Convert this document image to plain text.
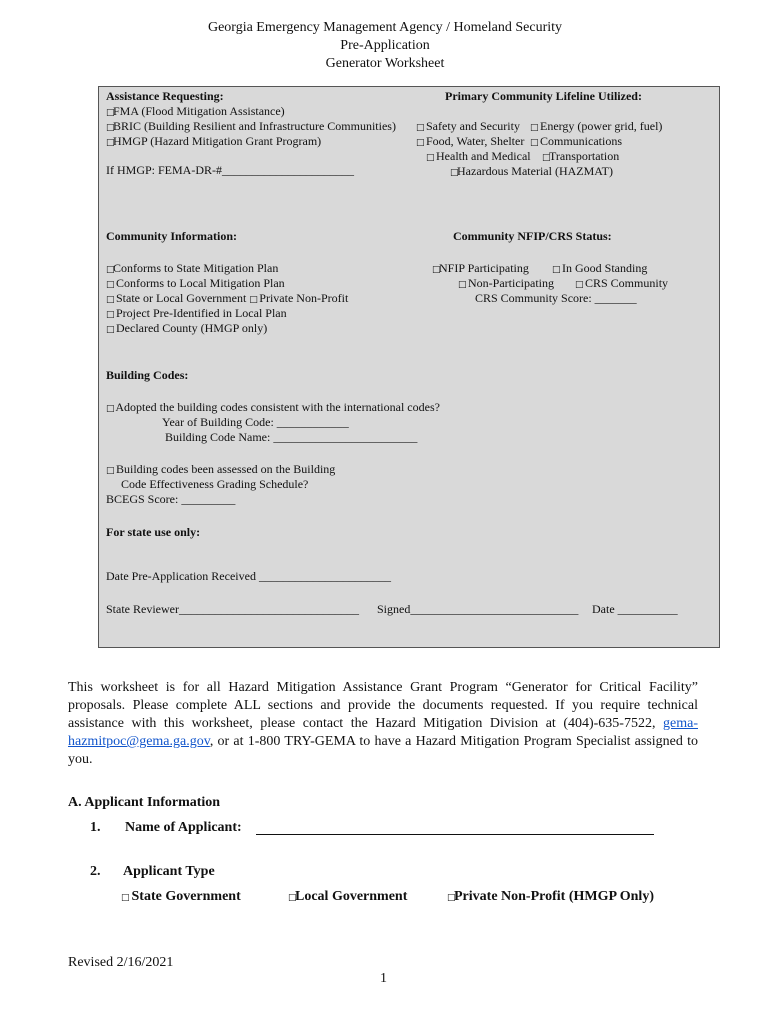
Georgia Emergency Management Agency / Homeland Security
Pre-Application
Generator Worksheet
Assistance Requesting:
□FMA (Flood Mitigation Assistance)
□BRIC (Building Resilient and Infrastructure Communities)
□HMGP (Hazard Mitigation Grant Program)
If HMGP: FEMA-DR-#______________________
Primary Community Lifeline Utilized:
□ Safety and Security □ Energy (power grid, fuel)
□ Food, Water, Shelter □ Communications
□ Health and Medical □Transportation
□Hazardous Material (HAZMAT)
Community Information:
□Conforms to State Mitigation Plan
□ Conforms to Local Mitigation Plan
□ State or Local Government □ Private Non-Profit
□ Project Pre-Identified in Local Plan
□ Declared County (HMGP only)
Community NFIP/CRS Status:
□NFIP Participating	□ In Good Standing
□ Non-Participating □ CRS Community
CRS Community Score: _______
Building Codes:
□ Adopted the building codes consistent with the international codes?
Year of Building Code: ____________
Building Code Name: ________________________
□ Building codes been assessed on the Building
Code Effectiveness Grading Schedule?
BCEGS Score: _________
For state use only:
Date Pre-Application Received ______________________
State Reviewer______________________________ Signed____________________________ Date __________
This worksheet is for all Hazard Mitigation Assistance Grant Program “Generator for Critical Facility” proposals. Please complete ALL sections and provide the documents requested. If you require technical assistance with this worksheet, please contact the Hazard Mitigation Division at (404)-635-7522, gema-hazmitpoc@gema.ga.gov, or at 1-800 TRY-GEMA to have a Hazard Mitigation Program Specialist assigned to you.
A. Applicant Information
1. Name of Applicant:
2. Applicant Type
□ State Government	□Local Government	□Private Non-Profit (HMGP Only)
Revised 2/16/2021
1
